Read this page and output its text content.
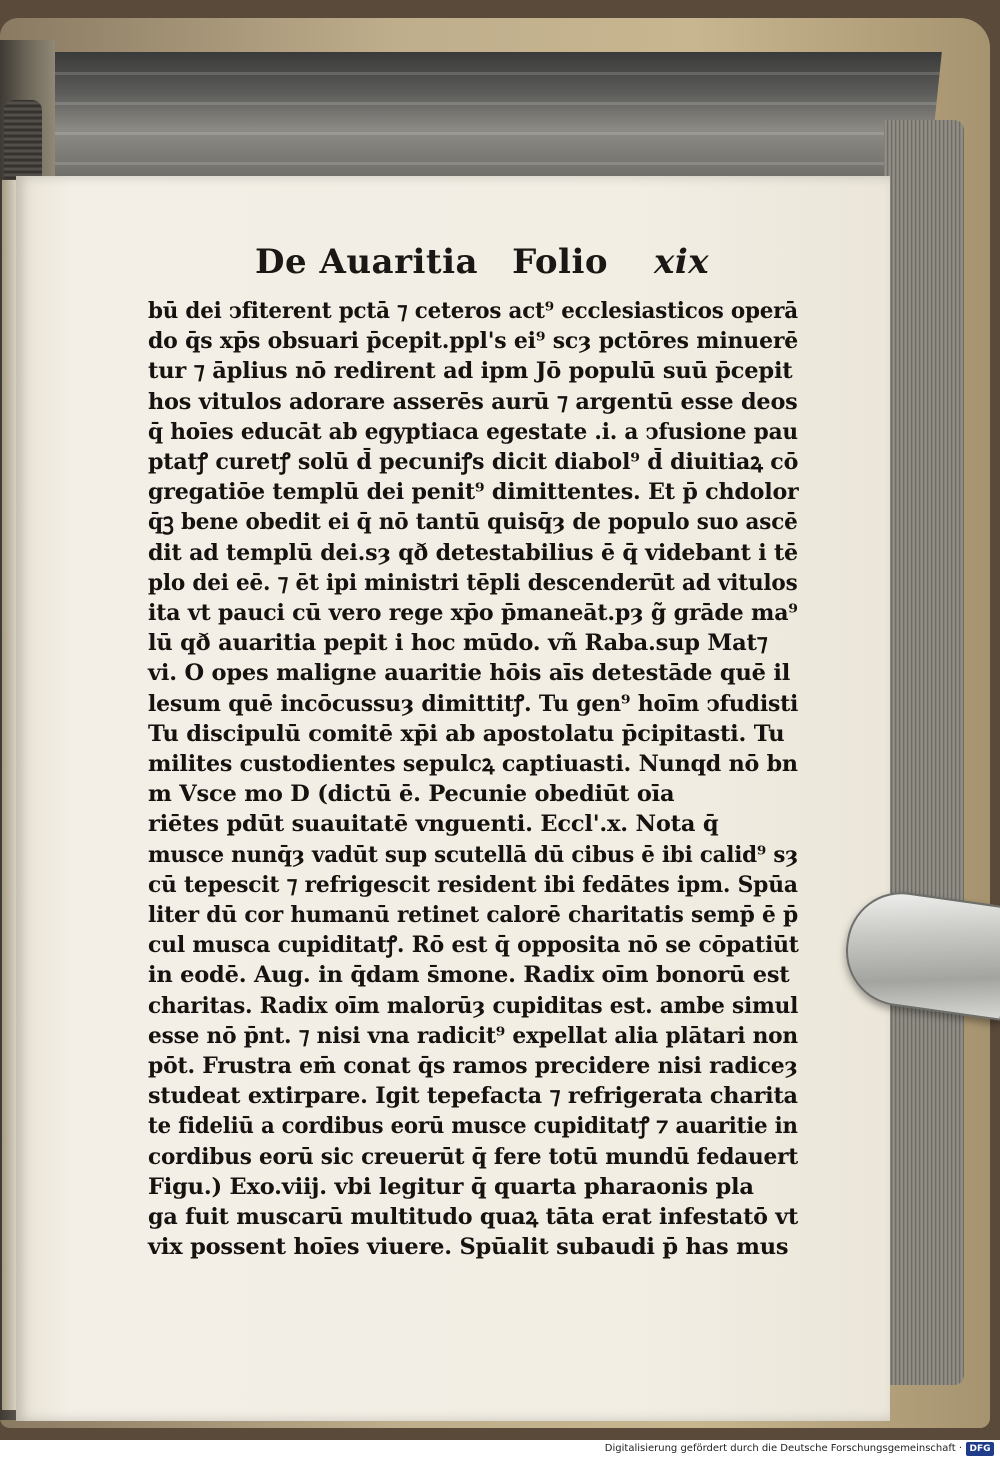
De Auaritia Folio xix
bū dei ↄfiterent pctā ⁊ ceteros act⁹ ecclesiasticos operā
do q̄s xp̄s obsuari p̄cepit.ppl's ei⁹ scȝ pctōres minuerē
tur ⁊ āplius nō redirent ad ipm Jō populū suū p̄cepit
hos vitulos adorare asserēs aurū ⁊ argentū esse deos
q̄ hoīes educāt ab egyptiaca egestate .i. a ↄfusione pau
ptatꝭ curetꝭ solū d̄ pecuniꝭs dicit diabol⁹ d̄ diuitiaꝝ cō
gregatiōe templū dei penit⁹ dimittentes. Et p̄ chdolor
q̄ꝫ bene obedit ei q̄ nō tantū quisq̄ȝ de populo suo ascē
dit ad templū dei.sȝ qð detestabilius ē q̄ videbant i tē
plo dei eē. ⁊ ēt ipi ministri tēpli descenderūt ad vitulos
ita vt pauci cū vero rege xp̄o p̄maneāt.pȝ g̃ grāde ma⁹
lū qð auaritia pepit i hoc mūdo. vñ Raba.sup Mat⁊
vi. O opes maligne auaritie hōis aīs detestāde quē il
lesum quē incōcussuȝ dimittitꝭ. Tu gen⁹ hoīm ↄfudisti
Tu discipulū comitē xp̄i ab apostolatu p̄cipitasti. Tu
milites custodientes sepulcꝝ captiuasti. Nunqd nō bn
m Vsce mo D (dictū ē. Pecunie obediūt oīa
riētes pdūt suauitatē vnguenti. Eccl'.x. Nota q̄
musce nunq̄ȝ vadūt sup scutellā dū cibus ē ibi calid⁹ sȝ
cū tepescit ⁊ refrigescit resident ibi fedātes ipm. Spūa
liter dū cor humanū retinet calorē charitatis semp̄ ē p̄
cul musca cupiditatꝭ. Rō est q̄ opposita nō se cōpatiūt
in eodē. Aug. in q̄dam s̄mone. Radix oīm bonorū est
charitas. Radix oīm malorūȝ cupiditas est. ambe simul
esse nō p̄nt. ⁊ nisi vna radicit⁹ expellat alia plātari non
pōt. Frustra em̄ conat q̄s ramos precidere nisi radiceȝ
studeat extirpare. Igit tepefacta ⁊ refrigerata charita
te fideliū a cordibus eorū musce cupiditatꝭ ⁊ auaritie in
cordibus eorū sic creuerūt q̄ fere totū mundū fedauert
Figu.) Exo.viij. vbi legitur q̄ quarta pharaonis pla
ga fuit muscarū multitudo quaꝝ tāta erat infestatō vt
vix possent hoīes viuere. Spūalit subaudi p̄ has mus
Digitalisierung gefördert durch die Deutsche Forschungsgemeinschaft · DFG
